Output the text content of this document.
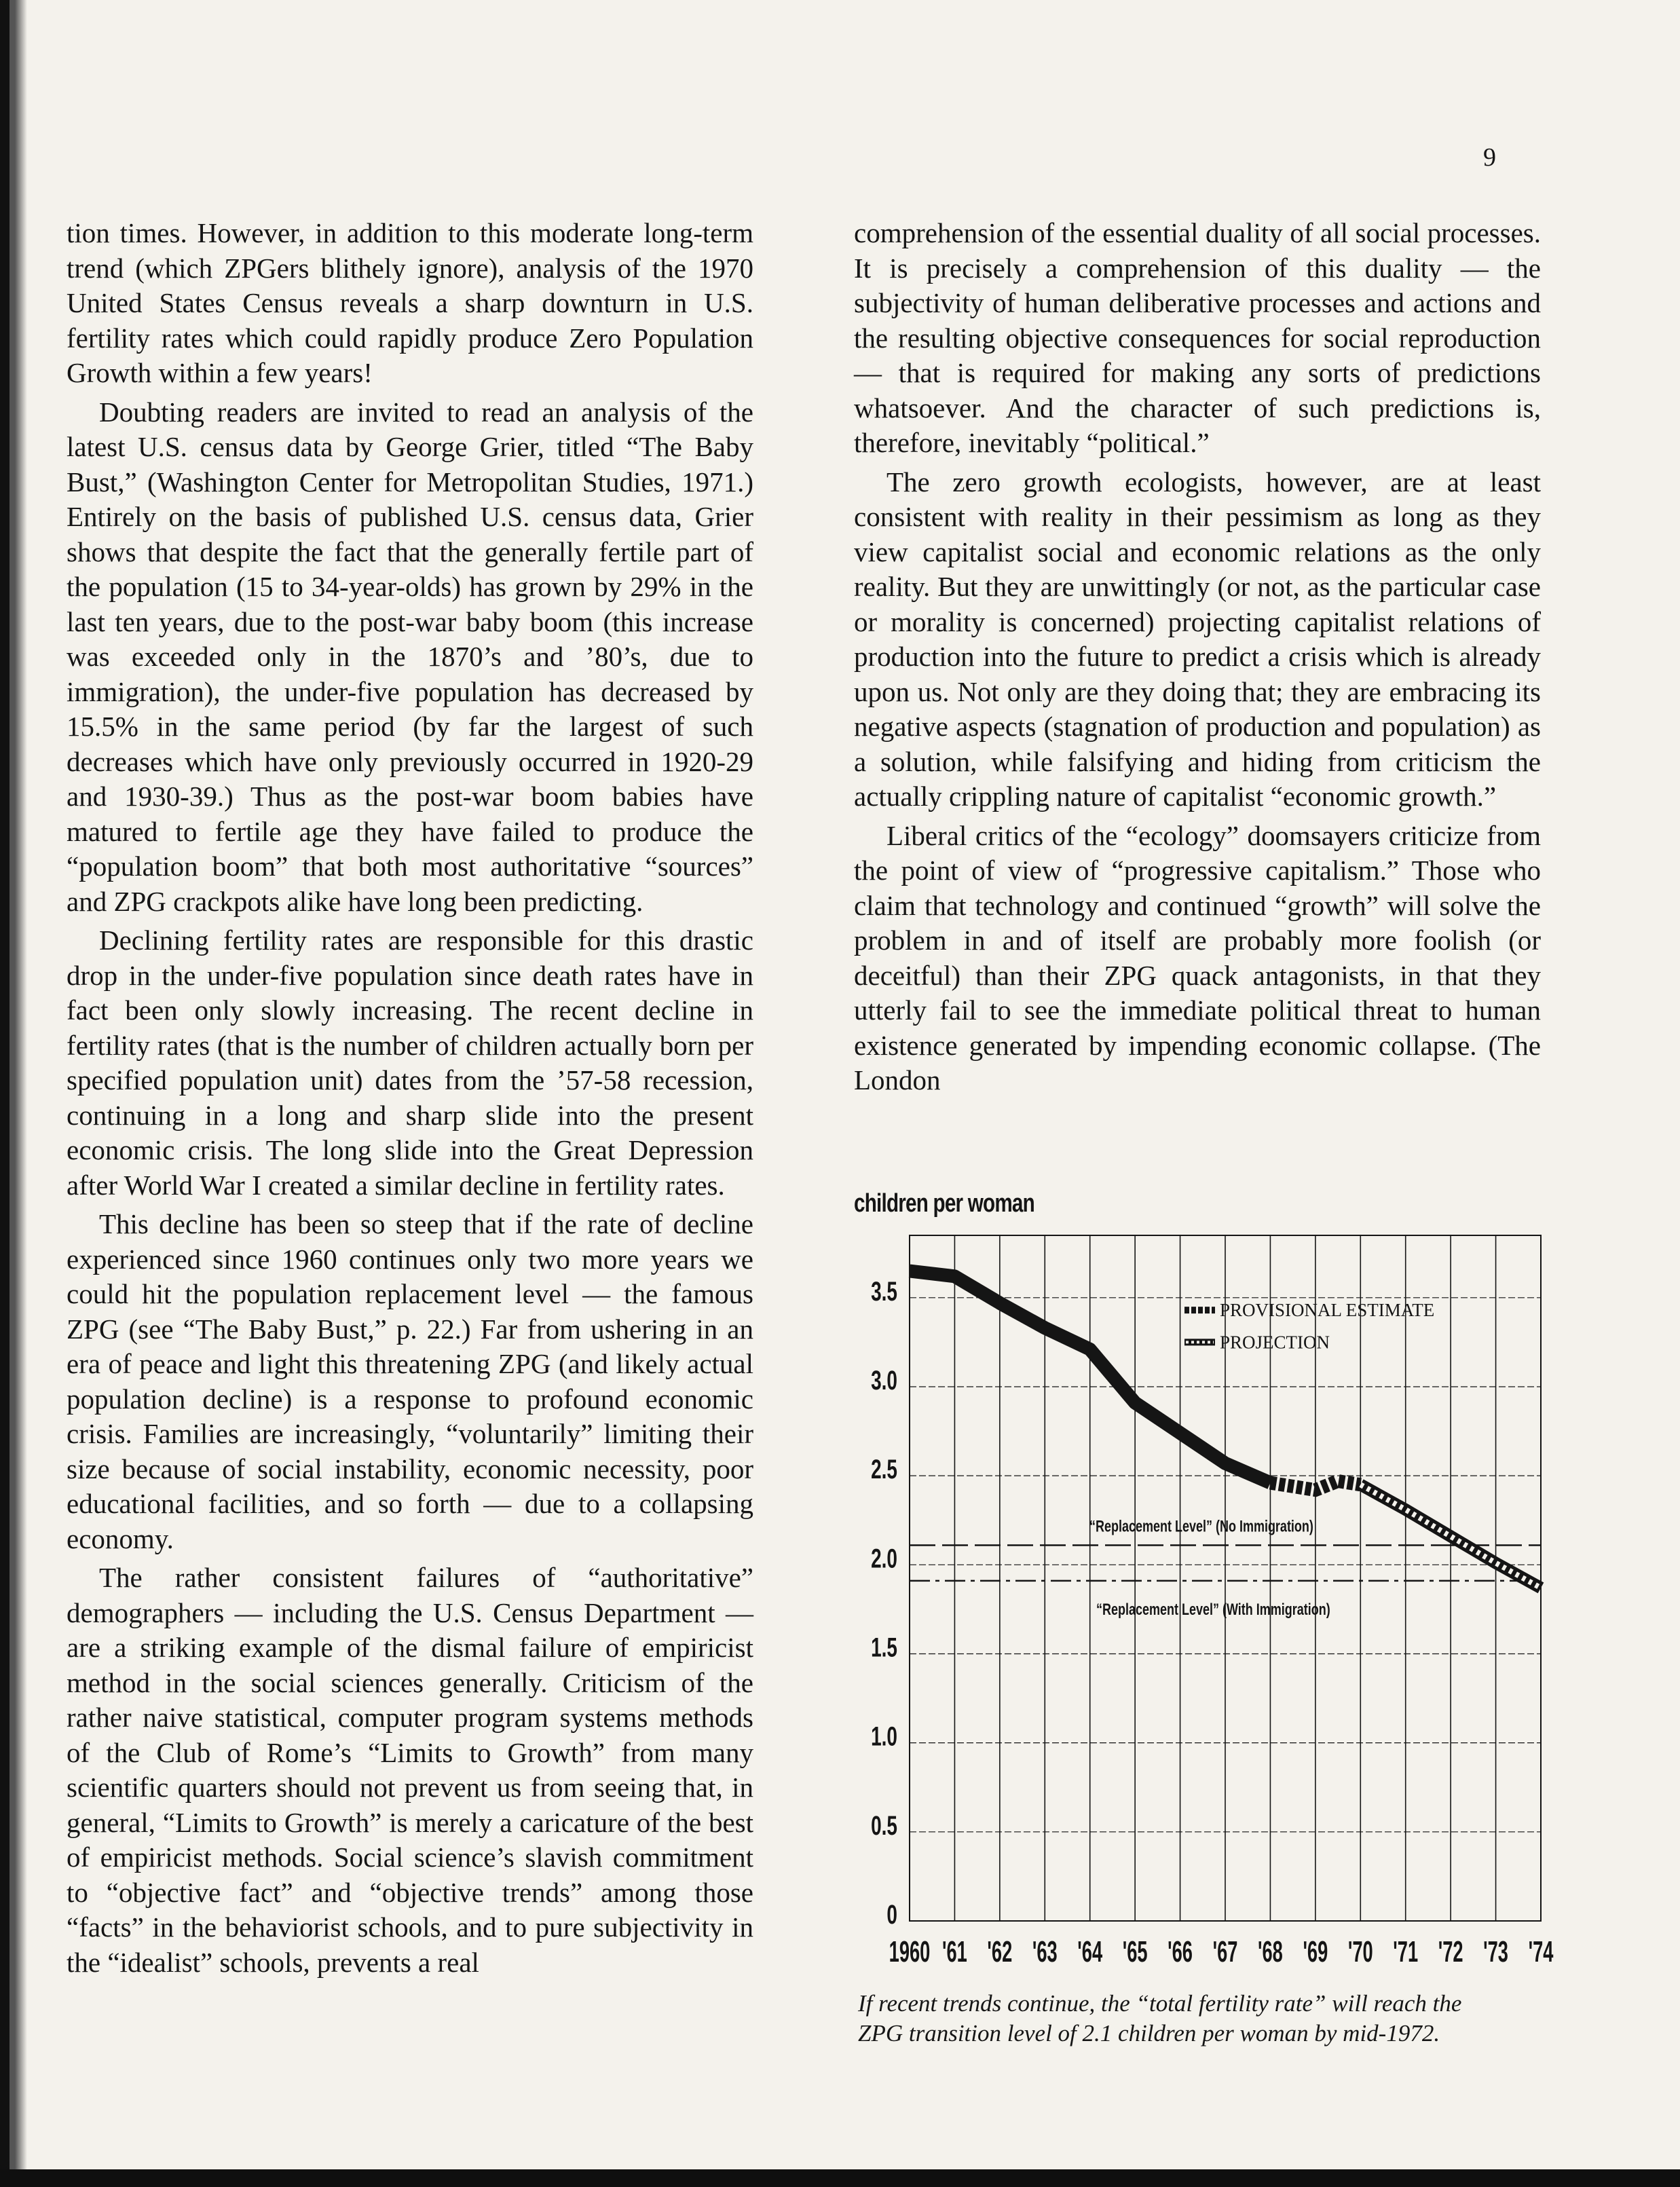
9

tion times. However, in addition to this moderate long-term trend (which ZPGers blithely ignore), analysis of the 1970 United States Census reveals a sharp downturn in U.S. fertility rates which could rapidly produce Zero Population Growth within a few years!

Doubting readers are invited to read an analysis of the latest U.S. census data by George Grier, titled “The Baby Bust,” (Washington Center for Metropolitan Studies, 1971.) Entirely on the basis of published U.S. census data, Grier shows that despite the fact that the generally fertile part of the population (15 to 34-year-olds) has grown by 29% in the last ten years, due to the post-war baby boom (this increase was exceeded only in the 1870’s and ’80’s, due to immigration), the under-five population has decreased by 15.5% in the same period (by far the largest of such decreases which have only previously occurred in 1920-29 and 1930-39.) Thus as the post-war boom babies have matured to fertile age they have failed to produce the “population boom” that both most authoritative “sources” and ZPG crackpots alike have long been predicting.

Declining fertility rates are responsible for this drastic drop in the under-five population since death rates have in fact been only slowly increasing. The recent decline in fertility rates (that is the number of children actually born per specified population unit) dates from the ’57-58 recession, continuing in a long and sharp slide into the present economic crisis. The long slide into the Great Depression after World War I created a similar decline in fertility rates.

This decline has been so steep that if the rate of decline experienced since 1960 continues only two more years we could hit the population replacement level — the famous ZPG (see “The Baby Bust,” p. 22.) Far from ushering in an era of peace and light this threatening ZPG (and likely actual population decline) is a response to profound economic crisis. Families are increasingly, “voluntarily” limiting their size because of social instability, economic necessity, poor educational facilities, and so forth — due to a collapsing economy.

The rather consistent failures of “authoritative” demographers — including the U.S. Census Department — are a striking example of the dismal failure of empiricist method in the social sciences generally. Criticism of the rather naive statistical, computer program systems methods of the Club of Rome’s “Limits to Growth” from many scientific quarters should not prevent us from seeing that, in general, “Limits to Growth” is merely a caricature of the best of empiricist methods. Social science’s slavish commitment to “objective fact” and “objective trends” among those “facts” in the behaviorist schools, and to pure subjectivity in the “idealist” schools, prevents a real

comprehension of the essential duality of all social processes. It is precisely a comprehension of this duality — the subjectivity of human deliberative processes and actions and the resulting objective consequences for social reproduction — that is required for making any sorts of predictions whatsoever. And the character of such predictions is, therefore, inevitably “political.”

The zero growth ecologists, however, are at least consistent with reality in their pessimism as long as they view capitalist social and economic relations as the only reality. But they are unwittingly (or not, as the particular case or morality is concerned) projecting capitalist relations of production into the future to predict a crisis which is already upon us. Not only are they doing that; they are embracing its negative aspects (stagnation of production and population) as a solution, while falsifying and hiding from criticism the actually crippling nature of capitalist “economic growth.”

Liberal critics of the “ecology” doomsayers criticize from the point of view of “progressive capitalism.” Those who claim that technology and continued “growth” will solve the problem in and of itself are probably more foolish (or deceitful) than their ZPG quack antagonists, in that they utterly fail to see the immediate political threat to human existence generated by impending economic collapse. (The London

children per woman
3.5
3.0
2.5
2.0
1.5
1.0
0.5
0
1960 '61 '62 '63 '64 '65 '66 '67 '68 '69 '70 '71 '72 '73 '74
“Replacement Level” (No Immigration)
“Replacement Level” (With Immigration)
PROVISIONAL ESTIMATE
PROJECTION
If recent trends continue, the “total fertility rate” will reach the
ZPG transition level of 2.1 children per woman by mid-1972.
